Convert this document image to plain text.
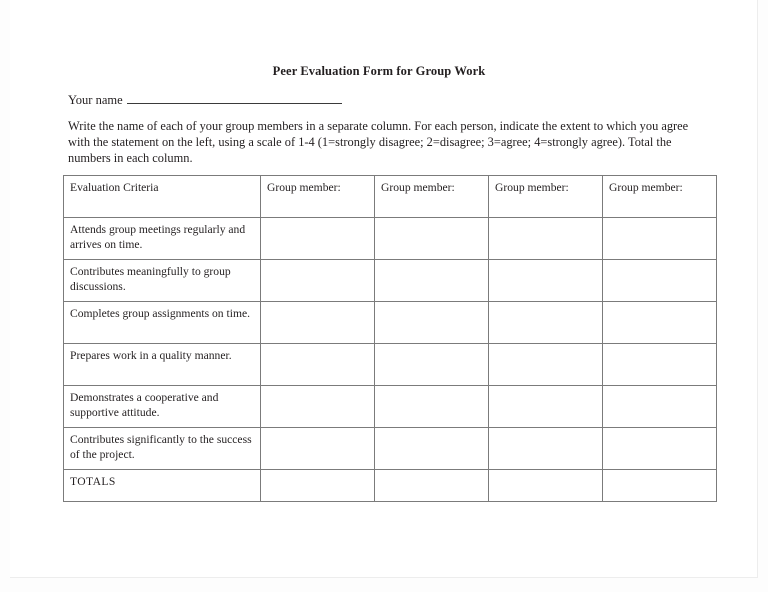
Peer Evaluation Form for Group Work
Your name
Write the name of each of your group members in a separate column. For each person, indicate the extent to which you agree with the statement on the left, using a scale of 1-4 (1=strongly disagree; 2=disagree; 3=agree; 4=strongly agree). Total the numbers in each column.
Evaluation Criteria	Group member:	Group member:	Group member:	Group member:
Attends group meetings regularly and arrives on time.				
Contributes meaningfully to group discussions.				
Completes group assignments on time.				
Prepares work in a quality manner.				
Demonstrates a cooperative and supportive attitude.				
Contributes significantly to the success of the project.				
TOTALS				
